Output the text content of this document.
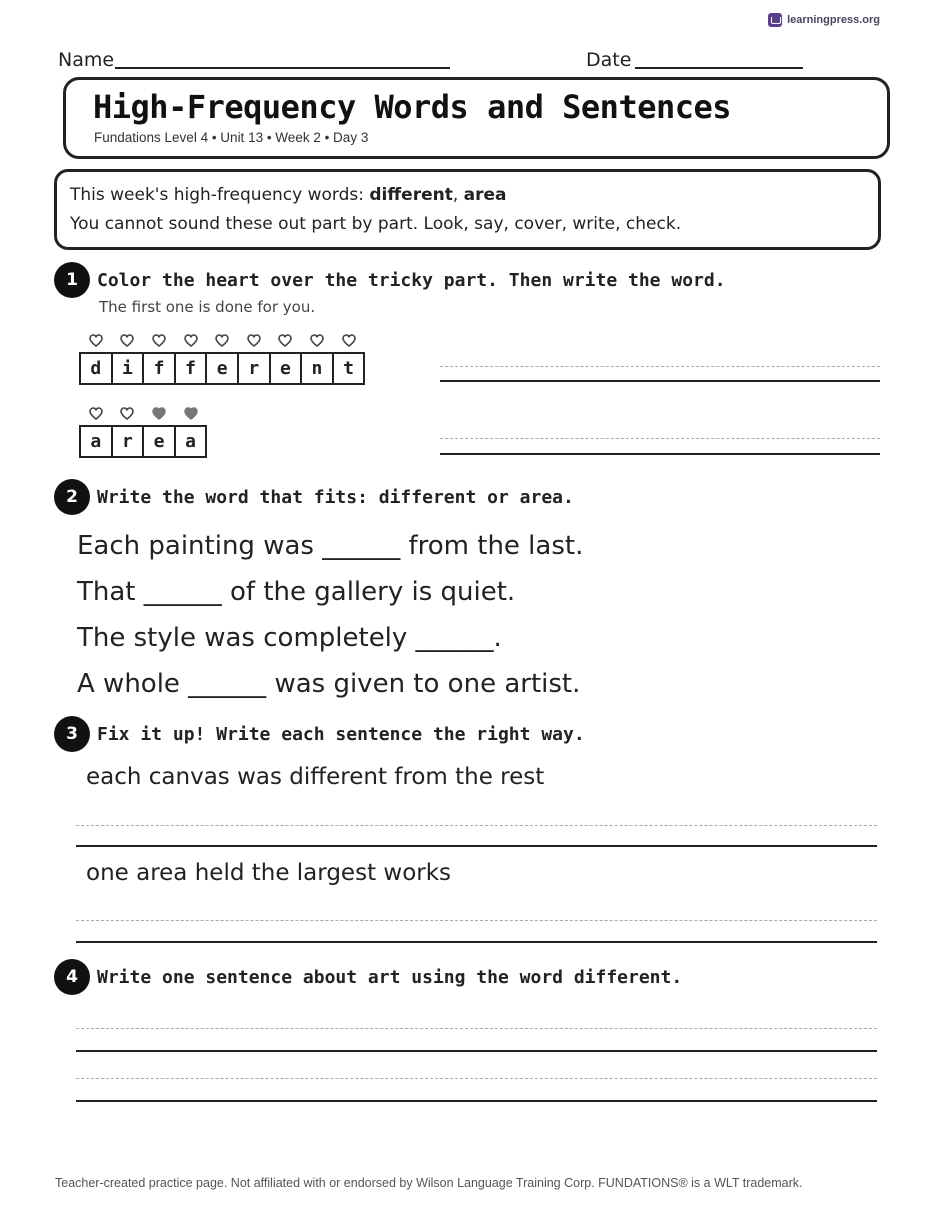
learningpress.org
Name	Date
High-Frequency Words and Sentences
Fundations Level 4 • Unit 13 • Week 2 • Day 3
This week's high-frequency words: different, area
You cannot sound these out part by part. Look, say, cover, write, check.
1	Color the heart over the tricky part. Then write the word.
The first one is done for you.
d i f f e r e n t
a r e a
2	Write the word that fits: different or area.
Each painting was ______ from the last.
That ______ of the gallery is quiet.
The style was completely ______.
A whole ______ was given to one artist.
3	Fix it up! Write each sentence the right way.
each canvas was different from the rest
one area held the largest works
4	Write one sentence about art using the word different.
Teacher-created practice page. Not affiliated with or endorsed by Wilson Language Training Corp. FUNDATIONS® is a WLT trademark.
